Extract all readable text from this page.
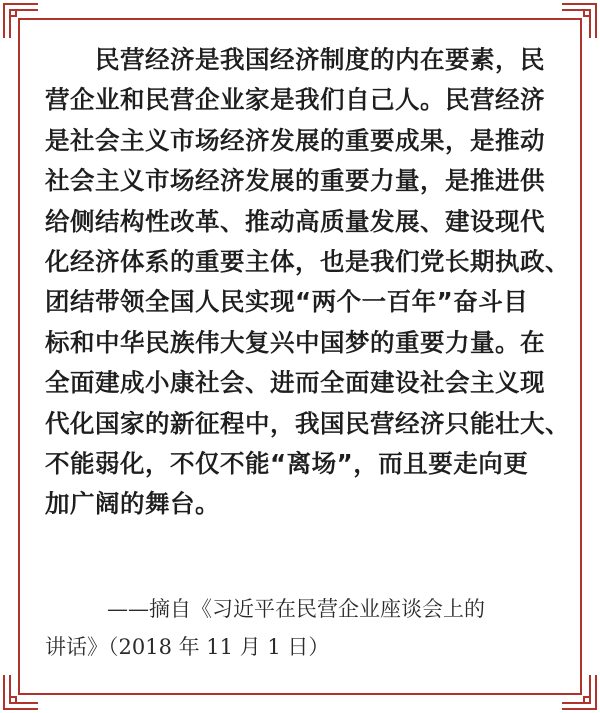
　　民营经济是我国经济制度的内在要素，民
营企业和民营企业家是我们自己人。民营经济
是社会主义市场经济发展的重要成果，是推动
社会主义市场经济发展的重要力量，是推进供
给侧结构性改革、推动高质量发展、建设现代
化经济体系的重要主体，也是我们党长期执政、
团结带领全国人民实现“两个一百年”奋斗目
标和中华民族伟大复兴中国梦的重要力量。在
全面建成小康社会、进而全面建设社会主义现
代化国家的新征程中，我国民营经济只能壮大、
不能弱化，不仅不能“离场”，而且要走向更
加广阔的舞台。
——摘自《习近平在民营企业座谈会上的
讲话》（2018 年 11 月 1 日）
